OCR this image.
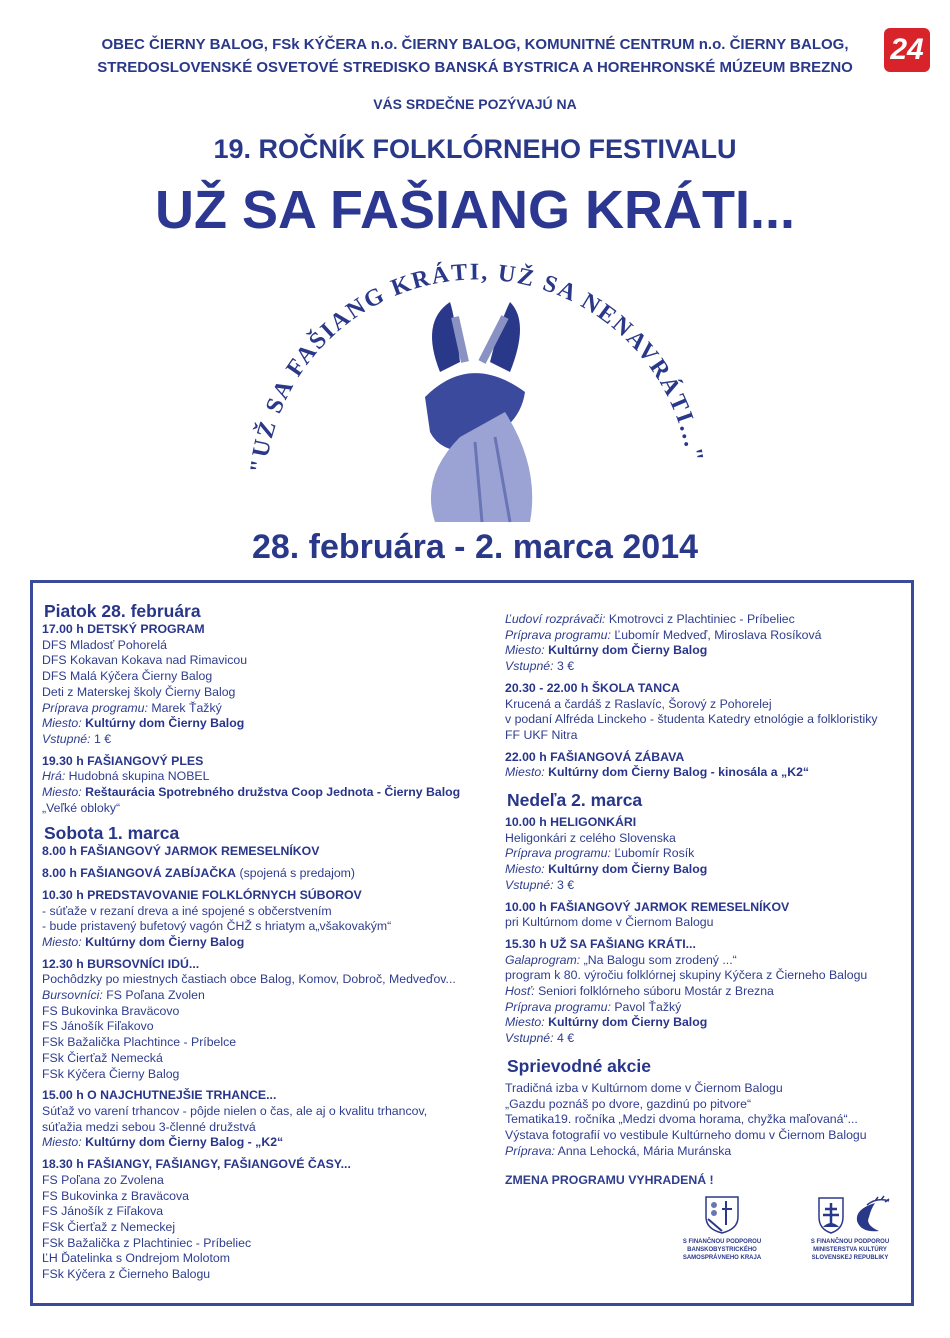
24
OBEC ČIERNY BALOG, FSk KÝČERA n.o. ČIERNY BALOG, KOMUNITNÉ CENTRUM n.o. ČIERNY BALOG,
STREDOSLOVENSKÉ OSVETOVÉ STREDISKO BANSKÁ BYSTRICA A HOREHRONSKÉ MÚZEUM BREZNO
VÁS SRDEČNE POZÝVAJÚ NA
19. ROČNÍK FOLKLÓRNEHO FESTIVALU
UŽ SA FAŠIANG KRÁTI...
"UŽ SA FAŠIANG KRÁTI, UŽ SA NENAVRÁTI..."
28. februára - 2. marca 2014
Piatok 28. februára
17.00 h DETSKÝ PROGRAM
DFS Mladosť Pohorelá
DFS Kokavan Kokava nad Rimavicou
DFS Malá Kýčera Čierny Balog
Deti z Materskej školy Čierny Balog
Príprava programu: Marek Ťažký
Miesto: Kultúrny dom Čierny Balog
Vstupné: 1 €
19.30 h FAŠIANGOVÝ PLES
Hrá: Hudobná skupina NOBEL
Miesto: Reštaurácia Spotrebného družstva Coop Jednota - Čierny Balog
„Veľké obloky“
Sobota 1. marca
8.00 h FAŠIANGOVÝ JARMOK REMESELNÍKOV
8.00 h FAŠIANGOVÁ ZABÍJAČKA (spojená s predajom)
10.30 h PREDSTAVOVANIE FOLKLÓRNYCH SÚBOROV
- súťaže v rezaní dreva a iné spojené s občerstvením
- bude pristavený bufetový vagón ČHŽ s hriatym a„všakovakým“
Miesto: Kultúrny dom Čierny Balog
12.30 h BURSOVNÍCI IDÚ...
Pochôdzky po miestnych častiach obce Balog, Komov, Dobroč, Medveďov...
Bursovníci: FS Poľana Zvolen
FS Bukovinka Braväcovo
FS Jánošík Fiľakovo
FSk Bažalička Plachtince - Príbelce
FSk Čierťaž Nemecká
FSk Kýčera Čierny Balog
15.00 h O NAJCHUTNEJŠIE TRHANCE...
Súťaž vo varení trhancov - pôjde nielen o čas, ale aj o kvalitu trhancov,
súťažia medzi sebou 3-členné družstvá
Miesto: Kultúrny dom Čierny Balog - „K2“
18.30 h FAŠIANGY, FAŠIANGY, FAŠIANGOVÉ ČASY...
FS Poľana zo Zvolena
FS Bukovinka z Braväcova
FS Jánošík z Fiľakova
FSk Čierťaž z Nemeckej
FSk Bažalička z Plachtiniec - Príbeliec
ĽH Ďatelinka s Ondrejom Molotom
FSk Kýčera z Čierneho Balogu
Ľudoví rozprávači: Kmotrovci z Plachtiniec - Príbeliec
Príprava programu: Ľubomír Medveď, Miroslava Rosíková
Miesto: Kultúrny dom Čierny Balog
Vstupné: 3 €
20.30 - 22.00 h ŠKOLA TANCA
Krucená a čardáš z Raslavíc, Šorový z Pohorelej
v podaní Alfréda Linckeho - študenta Katedry etnológie a folkloristiky
FF UKF Nitra
22.00 h FAŠIANGOVÁ ZÁBAVA
Miesto: Kultúrny dom Čierny Balog - kinosála a „K2“
Nedeľa 2. marca
10.00 h HELIGONKÁRI
Heligonkári z celého Slovenska
Príprava programu: Ľubomír Rosík
Miesto: Kultúrny dom Čierny Balog
Vstupné: 3 €
10.00 h FAŠIANGOVÝ JARMOK REMESELNÍKOV
pri Kultúrnom dome v Čiernom Balogu
15.30 h UŽ SA FAŠIANG KRÁTI...
Galaprogram: „Na Balogu som zrodený ...“
program k 80. výročiu folklórnej skupiny Kýčera z Čierneho Balogu
Hosť: Seniori folklórneho súboru Mostár z Brezna
Príprava programu: Pavol Ťažký
Miesto: Kultúrny dom Čierny Balog
Vstupné: 4 €
Sprievodné akcie
Tradičná izba v Kultúrnom dome v Čiernom Balogu
„Gazdu poznáš po dvore, gazdinú po pitvore“
Tematika19. ročníka „Medzi dvoma horama, chyžka maľovaná“...
Výstava fotografií vo vestibule Kultúrneho domu v Čiernom Balogu
Príprava: Anna Lehocká, Mária Muránska
ZMENA PROGRAMU VYHRADENÁ !
S FINANČNOU PODPOROU
BANSKOBYSTRICKÉHO
SAMOSPRÁVNEHO KRAJA
S FINANČNOU PODPOROU
MINISTERSTVA KULTÚRY
SLOVENSKEJ REPUBLIKY
